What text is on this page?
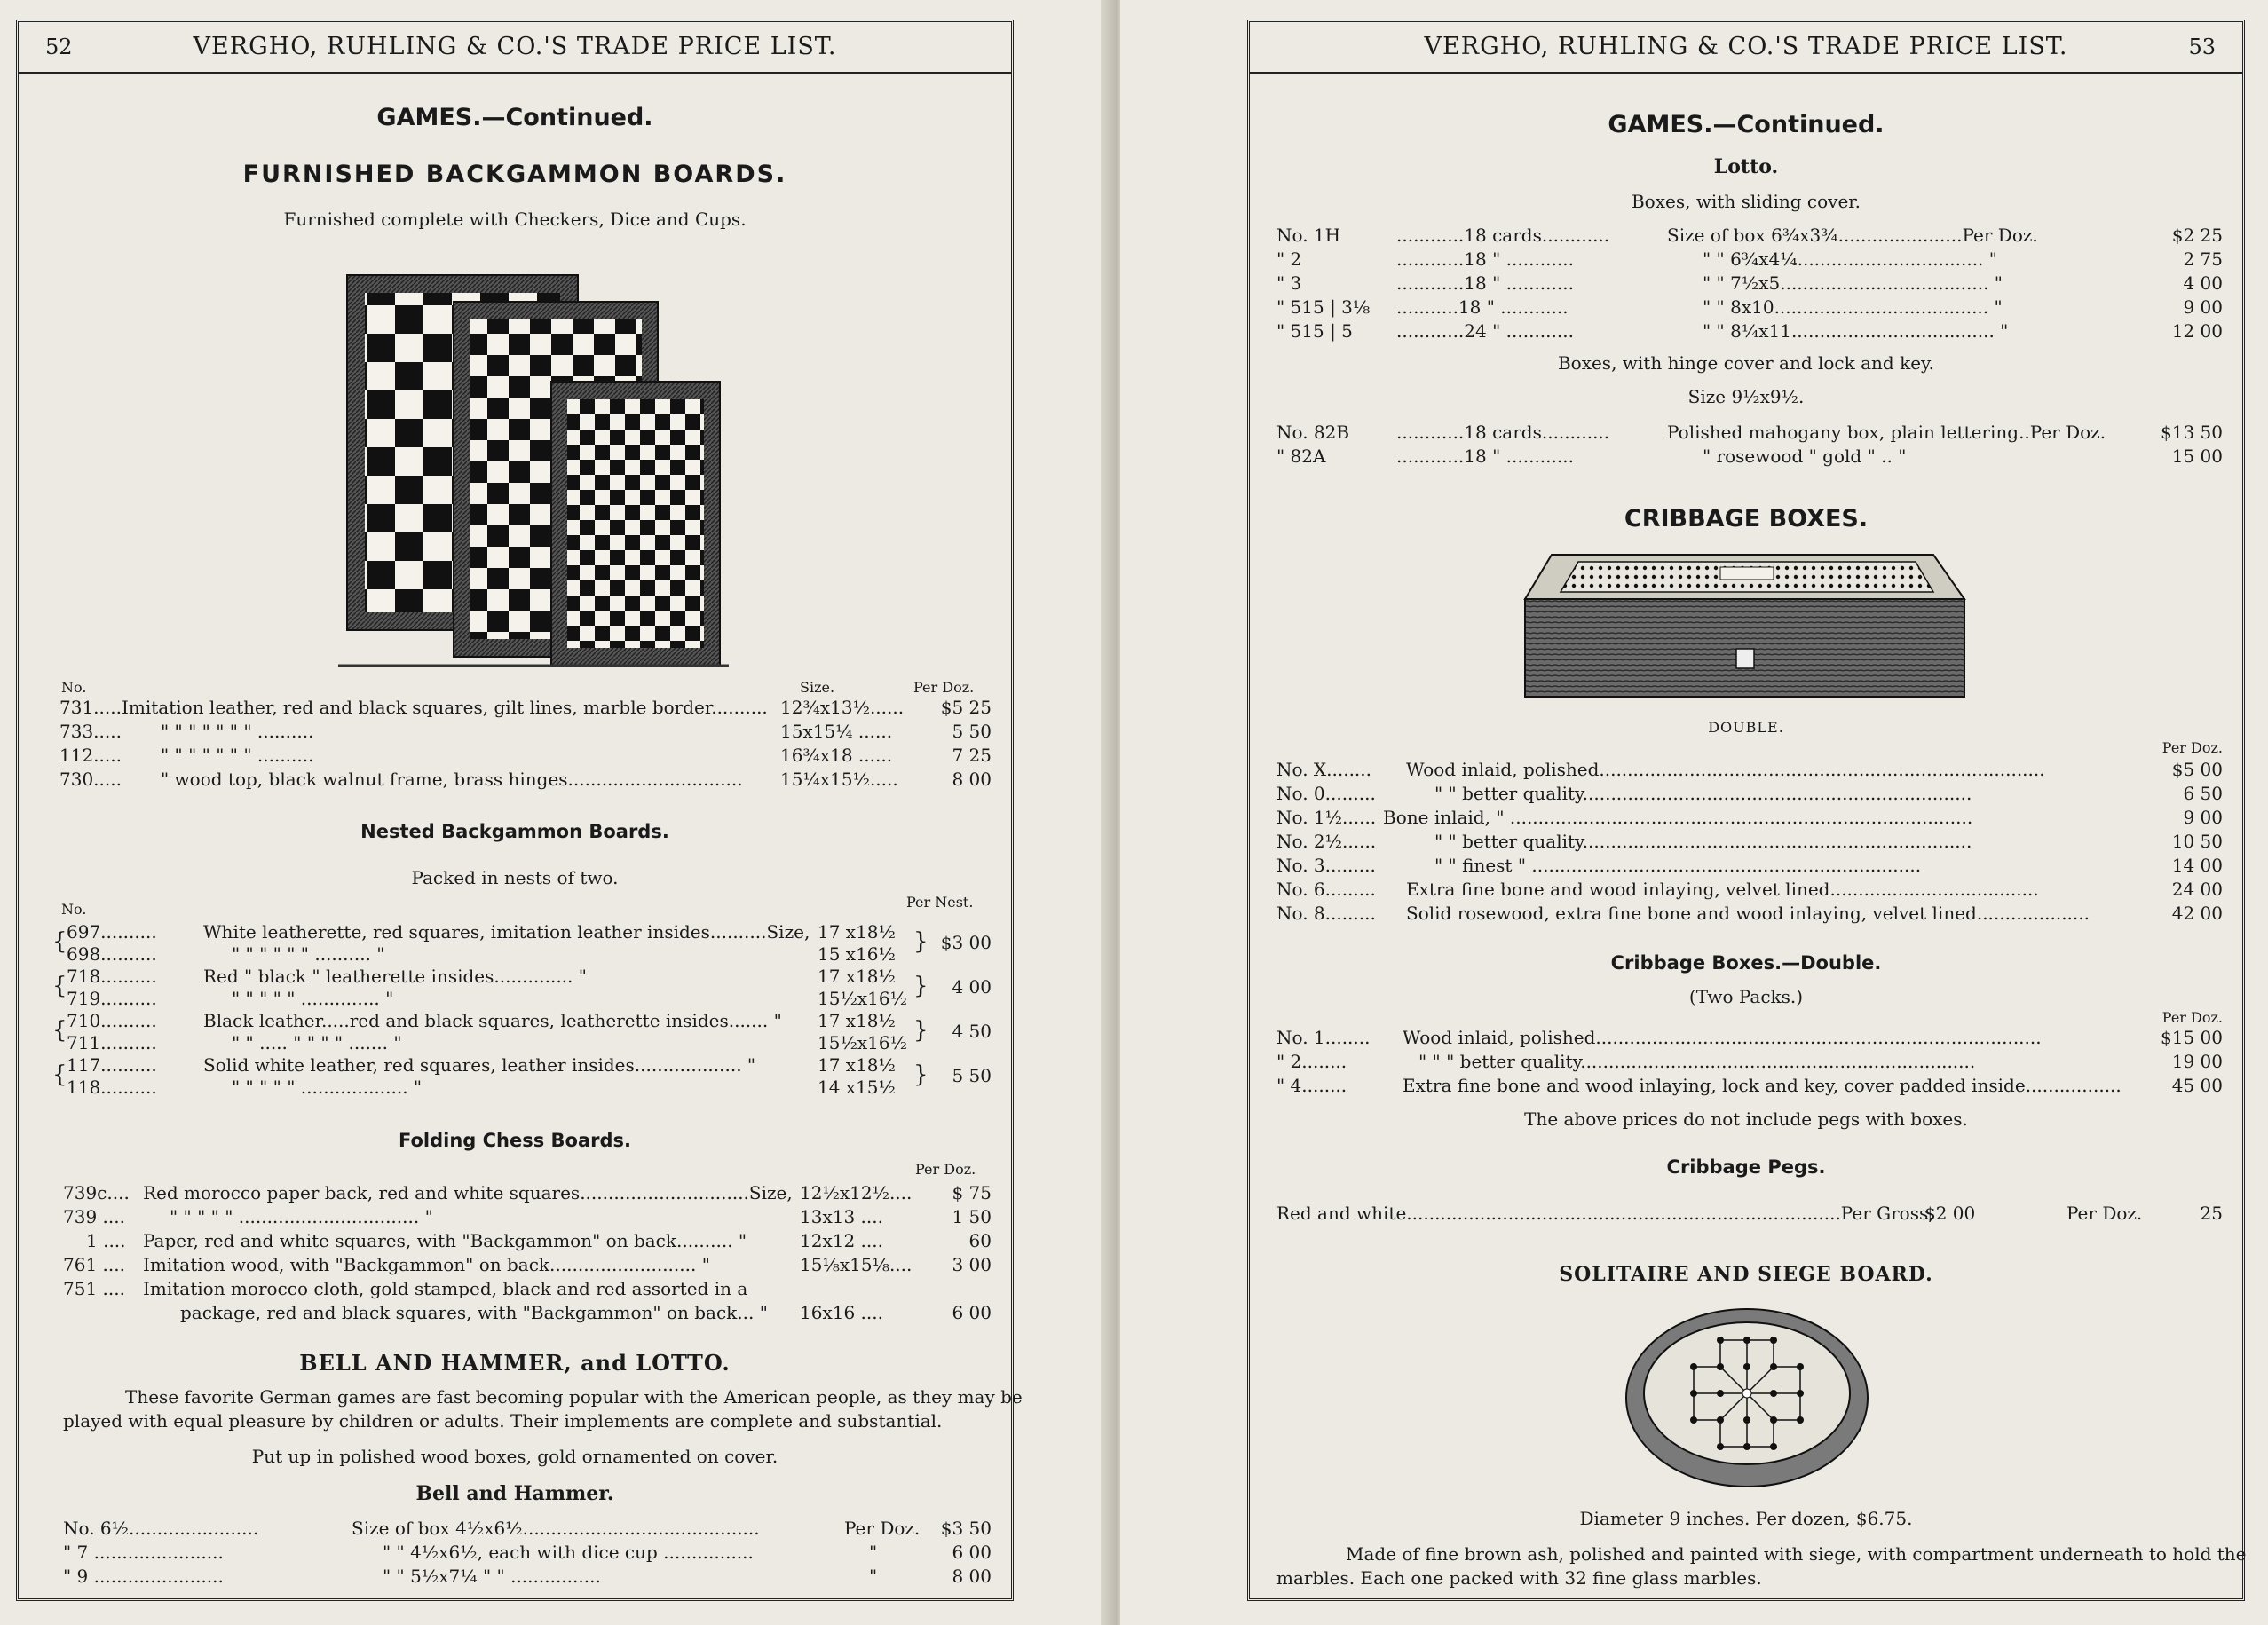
52	VERGHO, RUHLING & CO.'S TRADE PRICE LIST.
GAMES.—Continued.
FURNISHED BACKGAMMON BOARDS.
Furnished complete with Checkers, Dice and Cups.
No.	Size.	Per Doz.
731..... Imitation leather, red and black squares, gilt lines, marble border.......... 12¾x13½...... $5 25
733..... " " " " " " " ..........	15x15¼ ......	5 50
112..... " " " " " " " ..........	16¾x18 ......	7 25
730..... " wood top, black walnut frame, brass hinges............................... 15¼x15½.....	8 00
Nested Backgammon Boards.
Packed in nests of two.
No.	Per Nest.
{ 697..........	White leatherette, red squares, imitation leather insides..........Size, 17 x18½
698..........	" " " " " " .......... "	15 x16½ } $3 00
{ 718..........	Red " black " leatherette insides.............. "	17 x18½
719..........	" " " " " .............. "	15½x16½ } 4 00
{ 710..........	Black leather.....red and black squares, leatherette insides....... " 17 x18½
711..........	" " ..... " " " " ....... "	15½x16½ } 4 50
{ 117..........	Solid white leather, red squares, leather insides................... "	17 x18½
118..........	" " " " " ................... "	14 x15½ } 5 50
Folding Chess Boards.
Per Doz.
739c.... Red morocco paper back, red and white squares..............................Size, 12½x12½.... $ 75
739 ....	" " " " " ................................ "	13x13 ....	1 50
1 .... Paper, red and white squares, with "Backgammon" on back.......... "	12x12 ....	60
761 .... Imitation wood, with "Backgammon" on back.......................... "	15⅛x15⅛.... 3 00
751 .... Imitation morocco cloth, gold stamped, black and red assorted in a
package, red and black squares, with "Backgammon" on back... " 16x16 ....	6 00
BELL AND HAMMER, and LOTTO.
These favorite German games are fast becoming popular with the American people, as they may be
played with equal pleasure by children or adults. Their implements are complete and substantial.
Put up in polished wood boxes, gold ornamented on cover.
Bell and Hammer.
No. 6½.......................	Size of box 4½x6½..........................................	Per Doz. $3 50
" 7 .......................	" " 4½x6½, each with dice cup ................	"	6 00
" 9 .......................	" " 5½x7¼ " " ................	"	8 00
VERGHO, RUHLING & CO.'S TRADE PRICE LIST.	53
GAMES.—Continued.
Lotto.
Boxes, with sliding cover.
No. 1H	............18 cards............	Size of box 6¾x3¾......................Per Doz.	$2 25
" 2	............18 " ............	" " 6¾x4¼................................. "	2 75
" 3	............18 " ............	" " 7½x5..................................... "	4 00
" 515 | 3⅛ ...........18 " ............	" " 8x10...................................... "	9 00
" 515 | 5 ............24 " ............	" " 8¼x11.................................... "	12 00
Boxes, with hinge cover and lock and key.
Size 9½x9½.
No. 82B	............18 cards............	Polished mahogany box, plain lettering..Per Doz.	$13 50
" 82A	............18 " ............	" rosewood " gold " .. "	15 00
CRIBBAGE BOXES.
DOUBLE.
Per Doz.
No. X........ Wood inlaid, polished...............................................................................	$5 00
No. 0.........	" " better quality.....................................................................	6 50
No. 1½...... Bone inlaid, " ..................................................................................	9 00
No. 2½......	" " better quality.....................................................................	10 50
No. 3.........	" " finest " .....................................................................	14 00
No. 6......... Extra fine bone and wood inlaying, velvet lined.....................................	24 00
No. 8......... Solid rosewood, extra fine bone and wood inlaying, velvet lined....................	42 00
Cribbage Boxes.—Double.
(Two Packs.)
Per Doz.
No. 1........ Wood inlaid, polished...............................................................................	$15 00
" 2........	" " " better quality......................................................................	19 00
" 4........	Extra fine bone and wood inlaying, lock and key, cover padded inside.................	45 00
The above prices do not include pegs with boxes.
Cribbage Pegs.
Red and white.............................................................................Per Gross,
$2 00	Per Doz.	25
SOLITAIRE AND SIEGE BOARD.
Diameter 9 inches. Per dozen, $6.75.
Made of fine brown ash, polished and painted with siege, with compartment underneath to hold the
marbles. Each one packed with 32 fine glass marbles.
